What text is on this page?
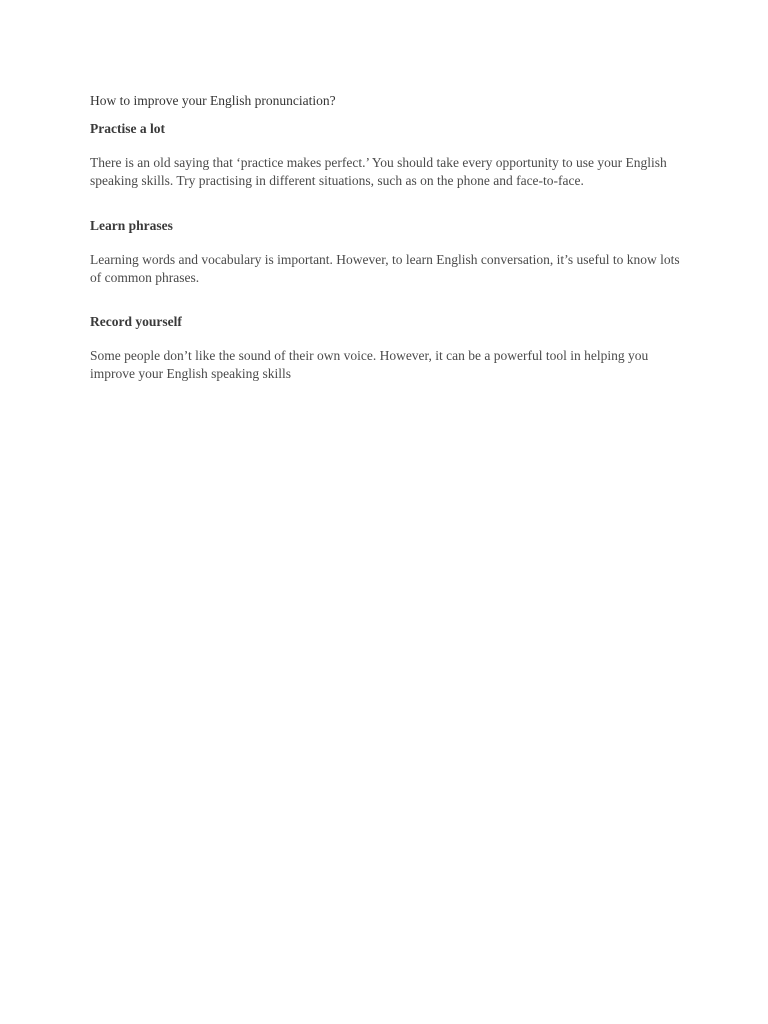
How to improve your English pronunciation?

Practise a lot

There is an old saying that ‘practice makes perfect.’ You should take every opportunity to use your English speaking skills. Try practising in different situations, such as on the phone and face-to-face.

Learn phrases

Learning words and vocabulary is important. However, to learn English conversation, it’s useful to know lots of common phrases.

Record yourself

Some people don’t like the sound of their own voice. However, it can be a powerful tool in helping you improve your English speaking skills
